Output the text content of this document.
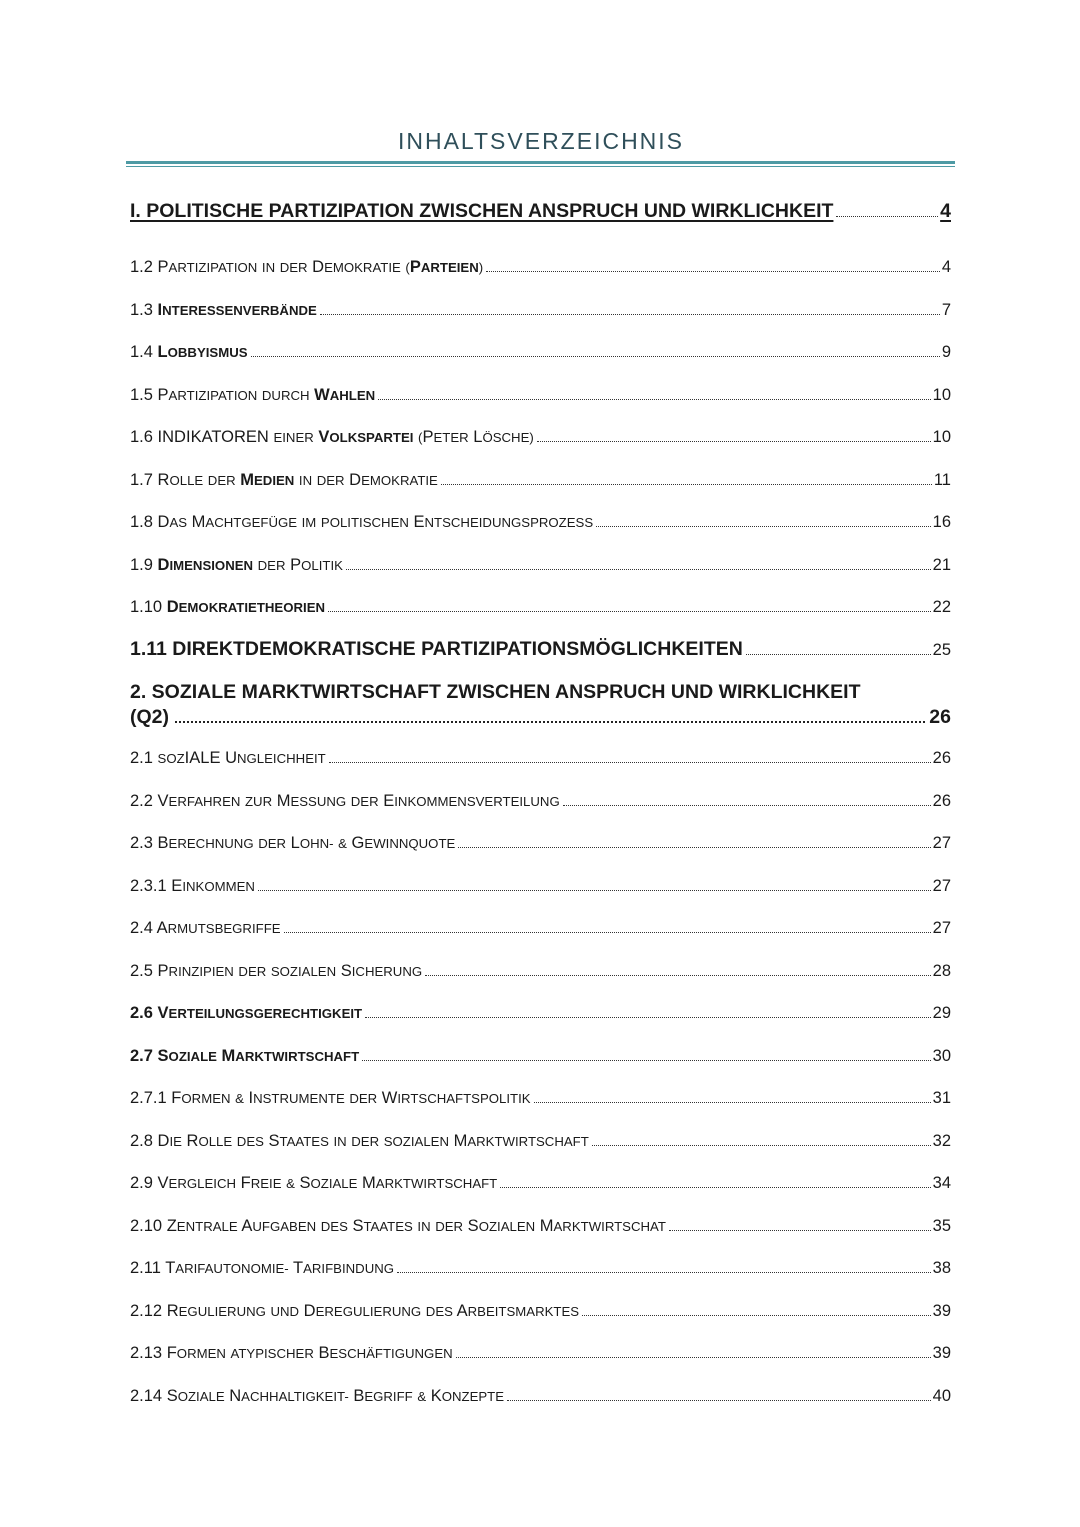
INHALTSVERZEICHNIS
I. POLITISCHE PARTIZIPATION ZWISCHEN ANSPRUCH UND WIRKLICHKEIT	4
1.2 PARTIZIPATION IN DER DEMOKRATIE (PARTEIEN)	4
1.3 INTERESSENVERBÄNDE	7
1.4 LOBBYISMUS	9
1.5 PARTIZIPATION DURCH WAHLEN	10
1.6 INDIKATOREN EINER VOLKSPARTEI (PETER LÖSCHE)	10
1.7 ROLLE DER MEDIEN IN DER DEMOKRATIE	11
1.8 DAS MACHTGEFÜGE IM POLITISCHEN ENTSCHEIDUNGSPROZESS	16
1.9 DIMENSIONEN DER POLITIK	21
1.10 DEMOKRATIETHEORIEN	22
1.11 DIREKTDEMOKRATISCHE PARTIZIPATIONSMÖGLICHKEITEN	25
2. SOZIALE MARKTWIRTSCHAFT ZWISCHEN ANSPRUCH UND WIRKLICHKEIT
(Q2)	26
2.1 SOZIALE UNGLEICHHEIT	26
2.2 VERFAHREN ZUR MESSUNG DER EINKOMMENSVERTEILUNG	26
2.3 BERECHNUNG DER LOHN- & GEWINNQUOTE	27
2.3.1 EINKOMMEN	27
2.4 ARMUTSBEGRIFFE	27
2.5 PRINZIPIEN DER SOZIALEN SICHERUNG	28
2.6 VERTEILUNGSGERECHTIGKEIT	29
2.7 SOZIALE MARKTWIRTSCHAFT	30
2.7.1 FORMEN & INSTRUMENTE DER WIRTSCHAFTSPOLITIK	31
2.8 DIE ROLLE DES STAATES IN DER SOZIALEN MARKTWIRTSCHAFT	32
2.9 VERGLEICH FREIE & SOZIALE MARKTWIRTSCHAFT	34
2.10 ZENTRALE AUFGABEN DES STAATES IN DER SOZIALEN MARKTWIRTSCHAT	35
2.11 TARIFAUTONOMIE- TARIFBINDUNG	38
2.12 REGULIERUNG UND DEREGULIERUNG DES ARBEITSMARKTES	39
2.13 FORMEN ATYPISCHER BESCHÄFTIGUNGEN	39
2.14 SOZIALE NACHHALTIGKEIT- BEGRIFF & KONZEPTE	40
